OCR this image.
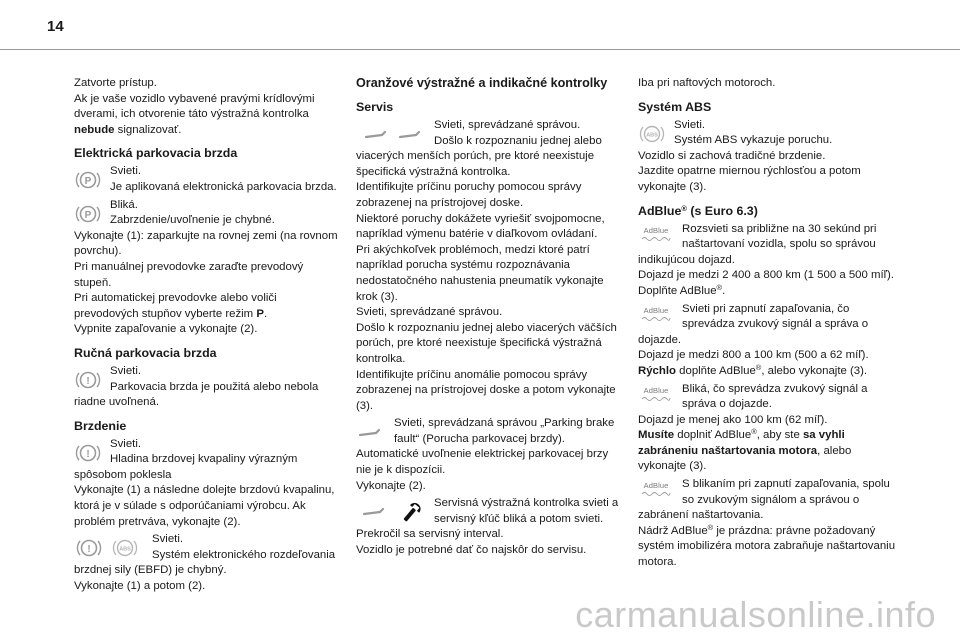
14

Zatvorte prístup.

Ak je vaše vozidlo vybavené pravými krídlovými dverami, ich otvorenie táto výstražná kontrolka nebude signalizovať.

Elektrická parkovacia brzda
P

Svieti.

Je aplikovaná elektronická parkovacia brzda.

P

Bliká.

Zabrzdenie/uvoľnenie je chybné.

Vykonajte (1): zaparkujte na rovnej zemi (na rovnom povrchu).

Pri manuálnej prevodovke zaraďte prevodový stupeň.

Pri automatickej prevodovke alebo voliči prevodových stupňov vyberte režim P.

Vypnite zapaľovanie a vykonajte (2).

Ručná parkovacia brzda
!

Svieti.

Parkovacia brzda je použitá alebo nebola riadne uvoľnená.

Brzdenie
!

Svieti.

Hladina brzdovej kvapaliny výrazným spôsobom poklesla

Vykonajte (1) a následne dolejte brzdovú kvapalinu, ktorá je v súlade s odporúčaniami výrobcu. Ak problém pretrváva, vykonajte (2).

!	ABS

Svieti.

Systém elektronického rozdeľovania brzdnej sily (EBFD) je chybný.

Vykonajte (1) a potom (2).

Oranžové výstražné a indikačné kontrolky
Servis

Svieti, sprevádzané správou.

Došlo k rozpoznaniu jednej alebo viacerých menších porúch, pre ktoré neexistuje špecifická výstražná kontrolka.

Identifikujte príčinu poruchy pomocou správy zobrazenej na prístrojovej doske.

Niektoré poruchy dokážete vyriešiť svojpomocne, napríklad výmenu batérie v diaľkovom ovládaní.

Pri akýchkoľvek problémoch, medzi ktoré patrí napríklad porucha systému rozpoznávania nedostatočného nahustenia pneumatík vykonajte krok (3).

Svieti, sprevádzané správou.

Došlo k rozpoznaniu jednej alebo viacerých väčších porúch, pre ktoré neexistuje špecifická výstražná kontrolka.

Identifikujte príčinu anomálie pomocou správy zobrazenej na prístrojovej doske a potom vykonajte (3).

Svieti, sprevádzaná správou „Parking brake fault“ (Porucha parkovacej brzdy).

Automatické uvoľnenie elektrickej parkovacej brzy nie je k dispozícii.

Vykonajte (2).

Servisná výstražná kontrolka svieti a servisný kľúč bliká a potom svieti.

Prekročil sa servisný interval.

Vozidlo je potrebné dať čo najskôr do servisu.

Iba pri naftových motoroch.

Systém ABS
ABS

Svieti.

Systém ABS vykazuje poruchu.

Vozidlo si zachová tradičné brzdenie.

Jazdite opatrne miernou rýchlosťou a potom vykonajte (3).

AdBlue® (s Euro 6.3)
AdBlue	Rozsvieti sa približne na 30 sekúnd pri naštartovaní vozidla, spolu so správou indikujúcou dojazd.

Dojazd je medzi 2 400 a 800 km (1 500 a 500 míľ).

Doplňte AdBlue®.

AdBlue	Svieti pri zapnutí zapaľovania, čo sprevádza zvukový signál a správa o dojazde.

Dojazd je medzi 800 a 100 km (500 a 62 míľ).

Rýchlo doplňte AdBlue®, alebo vykonajte (3).

AdBlue	Bliká, čo sprevádza zvukový signál a správa o dojazde.

Dojazd je menej ako 100 km (62 míľ).

Musíte doplniť AdBlue®, aby ste sa vyhli zabráneniu naštartovania motora, alebo vykonajte (3).

AdBlue	S blikaním pri zapnutí zapaľovania, spolu so zvukovým signálom a správou o zabránení naštartovania.

Nádrž AdBlue® je prázdna: právne požadovaný systém imobilizéra motora zabraňuje naštartovaniu motora.

carmanualsonline.info
